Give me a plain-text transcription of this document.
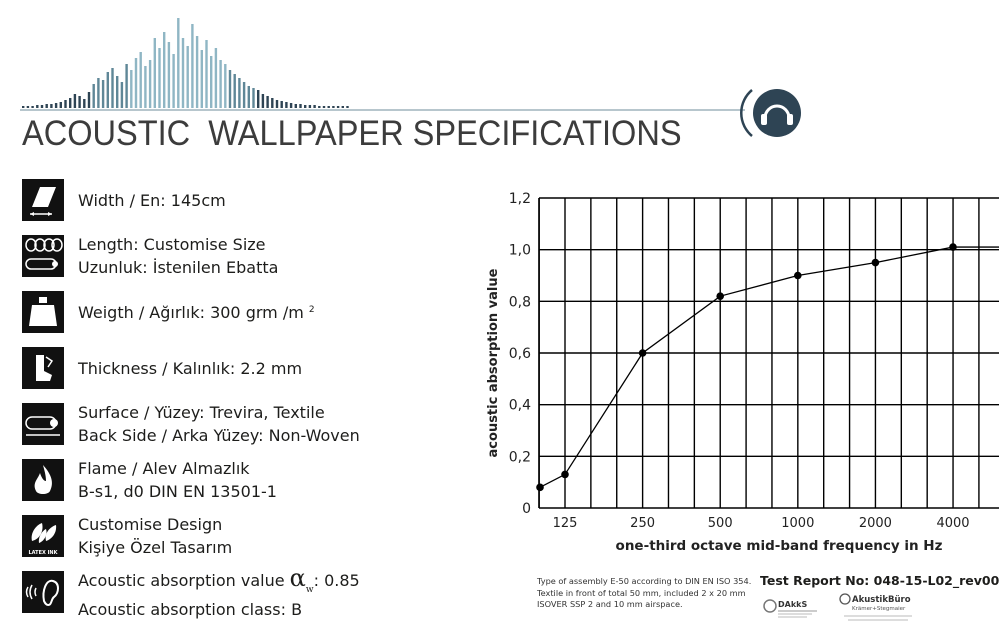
ACOUSTIC  WALLPAPER SPECIFICATIONS
Width / En: 145cm
Length: Customise Size
Uzunluk: İstenilen Ebatta
Weigth / Ağırlık: 300 grm /m $^2$
Thickness / Kalınlık: 2.2 mm
Surface / Yüzey: Trevira, Textile
Back Side / Arka Yüzey: Non-Woven
Flame / Alev Almazlık
B-s1, d0 DIN EN 13501-1
LATEX INK
Customise Design
Kişiye Özel Tasarım
Acoustic absorption value $\alpha_w$: 0.85
Acoustic absorption class: B
0
0,2
0,4
0,6
0,8
1,0
1,2
125	250	500	1000	2000	4000
one-third octave mid-band frequency in Hz
acoustic absorption value
Type of assembly E-50 according to DIN EN ISO 354. Textile in front of total 50 mm, included 2 x 20 mm ISOVER SSP 2 and 10 mm airspace.
Test Report No: 048-15-L02_rev00
DAkkS	AkustikBüro
Krämer+Stegmaier
